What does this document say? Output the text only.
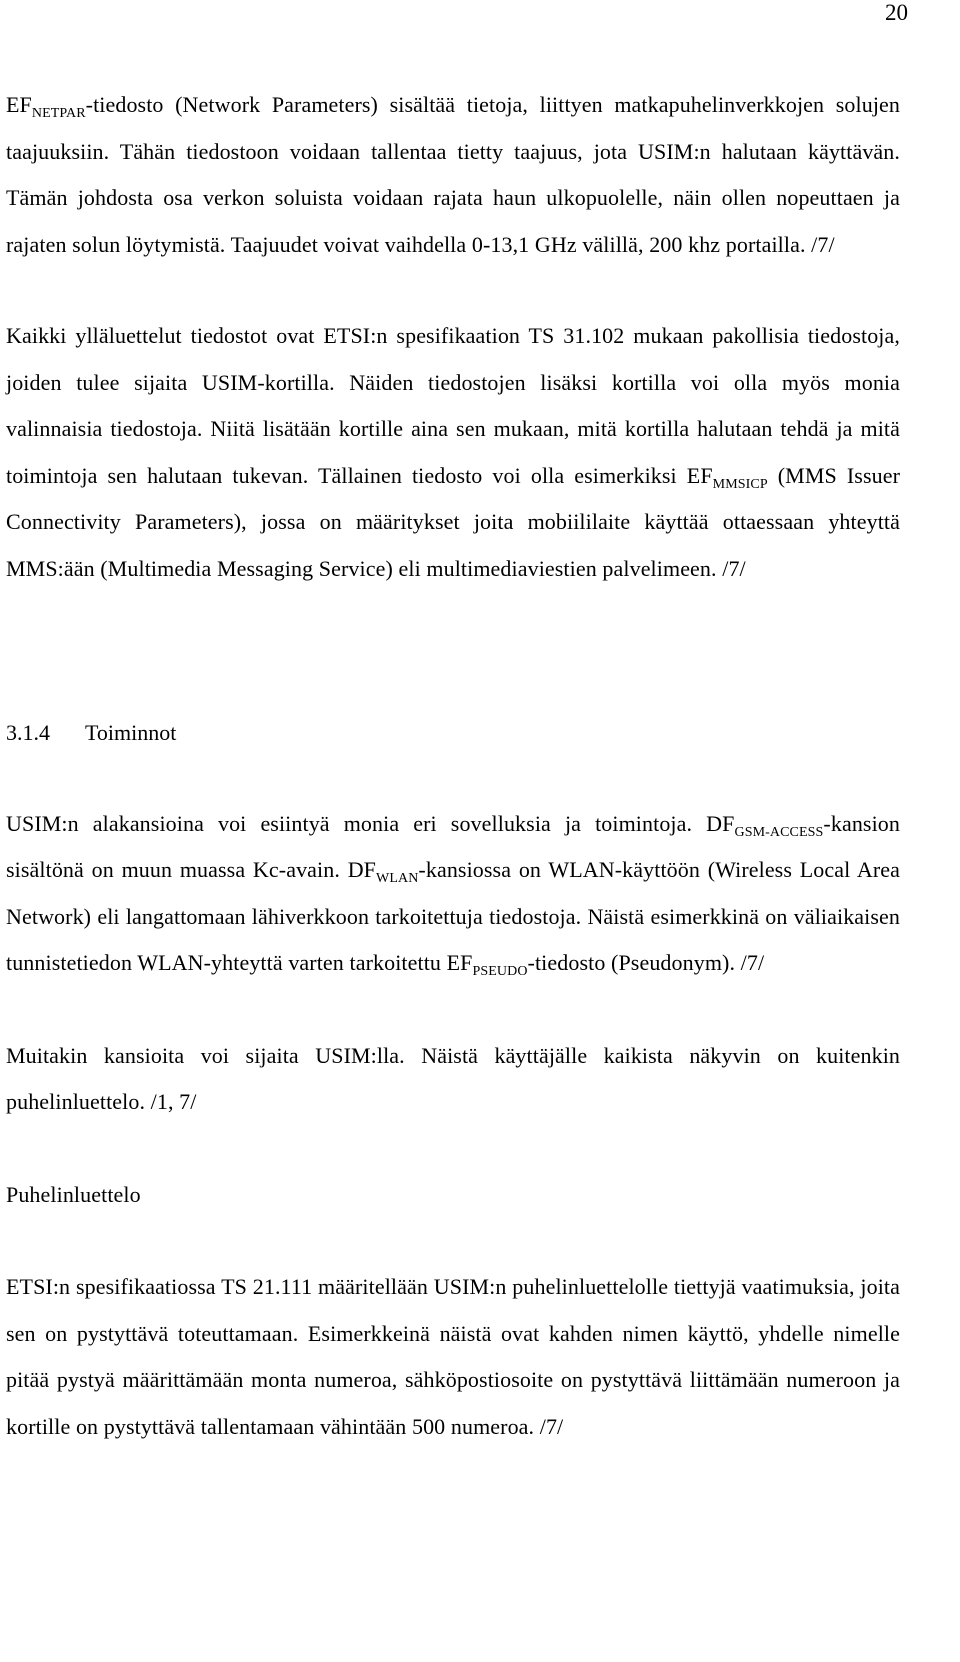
20

$EF_{NETPAR}$-tiedosto (Network Parameters) sisältää tietoja, liittyen matkapuhelinverkkojen solujen taajuuksiin. Tähän tiedostoon voidaan tallentaa tietty taajuus, jota USIM:n halutaan käyttävän. Tämän johdosta osa verkon soluista voidaan rajata haun ulkopuolelle, näin ollen nopeuttaen ja rajaten solun löytymistä. Taajuudet voivat vaihdella 0-13,1 GHz välillä, 200 khz portailla. /7/

Kaikki ylläluettelut tiedostot ovat ETSI:n spesifikaation TS 31.102 mukaan pakollisia tiedostoja, joiden tulee sijaita USIM-kortilla. Näiden tiedostojen lisäksi kortilla voi olla myös monia valinnaisia tiedostoja. Niitä lisätään kortille aina sen mukaan, mitä kortilla halutaan tehdä ja mitä toimintoja sen halutaan tukevan. Tällainen tiedosto voi olla esimerkiksi $EF_{MMSICP}$ (MMS Issuer Connectivity Parameters), jossa on määritykset joita mobiililaite käyttää ottaessaan yhteyttä MMS:ään (Multimedia Messaging Service) eli multimediaviestien palvelimeen. /7/

3.1.4 Toiminnot

USIM:n alakansioina voi esiintyä monia eri sovelluksia ja toimintoja. $DF_{GSM-ACCESS}$-kansion sisältönä on muun muassa Kc-avain. $DF_{WLAN}$-kansiossa on WLAN-käyttöön (Wireless Local Area Network) eli langattomaan lähiverkkoon tarkoitettuja tiedostoja. Näistä esimerkkinä on väliaikaisen tunnistetiedon WLAN-yhteyttä varten tarkoitettu $EF_{PSEUDO}$-tiedosto (Pseudonym). /7/

Muitakin kansioita voi sijaita USIM:lla. Näistä käyttäjälle kaikista näkyvin on kuitenkin puhelinluettelo. /1, 7/

Puhelinluettelo

ETSI:n spesifikaatiossa TS 21.111 määritellään USIM:n puhelinluettelolle tiettyjä vaatimuksia, joita sen on pystyttävä toteuttamaan. Esimerkkeinä näistä ovat kahden nimen käyttö, yhdelle nimelle pitää pystyä määrittämään monta numeroa, sähköpostiosoite on pystyttävä liittämään numeroon ja kortille on pystyttävä tallentamaan vähintään 500 numeroa. /7/
